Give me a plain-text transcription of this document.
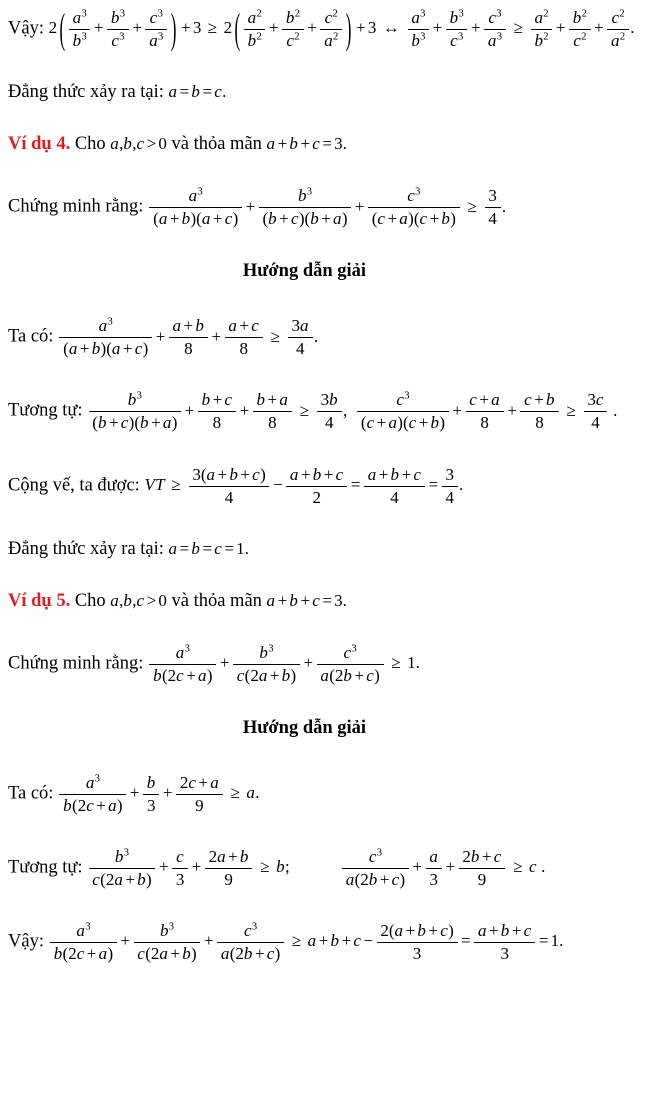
Vậy: 2 ( $\frac{a^3}{b^3} + \frac{b^3}{c^3} + \frac{c^3}{a^3}$ ) + 3 ≥ 2 ( $\frac{a^2}{b^2} + \frac{b^2}{c^2} + \frac{c^2}{a^2}$ ) + 3 ↔ $\frac{a^3}{b^3} + \frac{b^3}{c^3} + \frac{c^3}{a^3} \ge \frac{a^2}{b^2} + \frac{b^2}{c^2} + \frac{c^2}{a^2}$ .
Đẳng thức xảy ra tại: a = b = c.
Ví dụ 4. Cho a,b,c > 0 và thỏa mãn a + b + c = 3.
Chứng minh rằng: $\frac{a^3}{(a + b)(a + c)} + \frac{b^3}{(b + c)(b + a)} + \frac{c^3}{(c + a)(c + b)} \ge \frac{3}{4}$ .
Hướng dẫn giải
Ta có: $\frac{a^3}{(a + b)(a + c)} + \frac{a + b}{8} + \frac{a + c}{8} \ge \frac{3a}{4}$ .
Tương tự: $\frac{b^3}{(b + c)(b + a)} + \frac{b + c}{8} + \frac{b + a}{8} \ge \frac{3b}{4}$ ,  $\frac{c^3}{(c + a)(c + b)} + \frac{c + a}{8} + \frac{c + b}{8} \ge \frac{3c}{4}$ .
Cộng vế, ta được: VT ≥ $\frac{3(a + b + c)}{4} - \frac{a + b + c}{2} = \frac{a + b + c}{4} = \frac{3}{4}$ .
Đẳng thức xảy ra tại: a = b = c = 1.
Ví dụ 5. Cho a,b,c > 0 và thỏa mãn a + b + c = 3.
Chứng minh rằng: $\frac{a^3}{b(2c + a)} + \frac{b^3}{c(2a + b)} + \frac{c^3}{a(2b + c)} \ge 1$.
Hướng dẫn giải
Ta có: $\frac{a^3}{b(2c + a)} + \frac{b}{3} + \frac{2c + a}{9} \ge a$.
Tương tự: $\frac{b^3}{c(2a + b)} + \frac{c}{3} + \frac{2a + b}{9} \ge b$;   	$\frac{c^3}{a(2b + c)} + \frac{a}{3} + \frac{2b + c}{9} \ge c$ .
Vậy: $\frac{a^3}{b(2c + a)} + \frac{b^3}{c(2a + b)} + \frac{c^3}{a(2b + c)} \ge a + b + c - \frac{2(a + b + c)}{3} = \frac{a + b + c}{3} = 1$.
